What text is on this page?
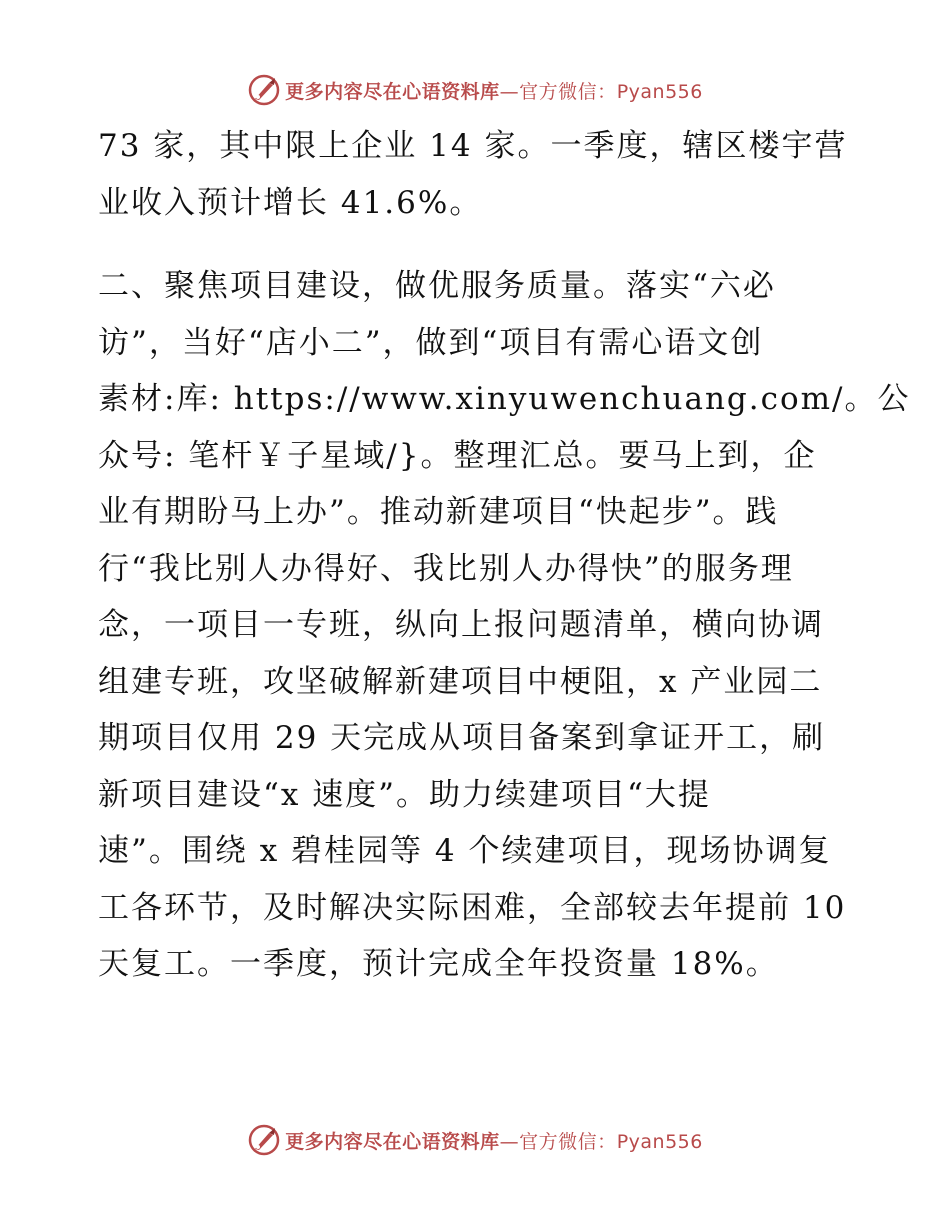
更多内容尽在心语资料库—官方微信：Pyan556
73 家，其中限上企业 14 家。一季度，辖区楼宇营
业收入预计增长 41.6%。
二、聚焦项目建设，做优服务质量。落实“六必
访”，当好“店小二”，做到“项目有需心语文创
素材:库: https://www.xinyuwenchuang.com/。公
众号: 笔杆￥子星域/}。整理汇总。要马上到，企
业有期盼马上办”。推动新建项目“快起步”。践
行“我比别人办得好、我比别人办得快”的服务理
念，一项目一专班，纵向上报问题清单，横向协调
组建专班，攻坚破解新建项目中梗阻，x 产业园二
期项目仅用 29 天完成从项目备案到拿证开工，刷
新项目建设“x 速度”。助力续建项目“大提
速”。围绕 x 碧桂园等 4 个续建项目，现场协调复
工各环节，及时解决实际困难，全部较去年提前 10
天复工。一季度，预计完成全年投资量 18%。
更多内容尽在心语资料库—官方微信：Pyan556
